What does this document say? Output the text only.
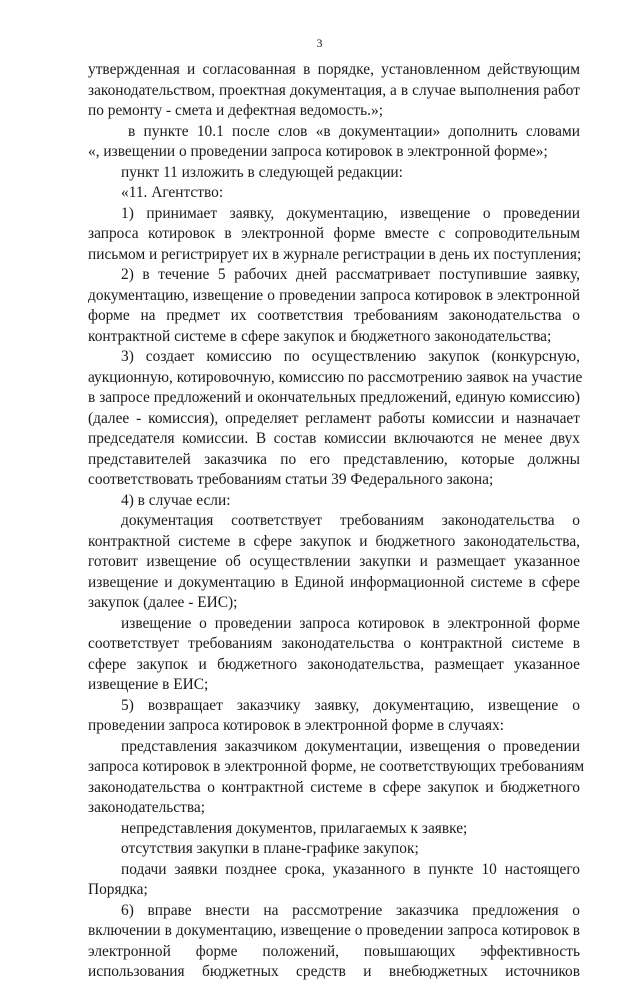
3
утвержденная и согласованная в порядке, установленном действующим
законодательством, проектная документация, а в случае выполнения работ
по ремонту - смета и дефектная ведомость.»;
в пункте 10.1 после слов «в документации» дополнить словами
«, извещении о проведении запроса котировок в электронной форме»;
пункт 11 изложить в следующей редакции:
«11. Агентство:
1) принимает заявку, документацию, извещение о проведении
запроса котировок в электронной форме вместе с сопроводительным
письмом и регистрирует их в журнале регистрации в день их поступления;
2) в течение 5 рабочих дней рассматривает поступившие заявку,
документацию, извещение о проведении запроса котировок в электронной
форме на предмет их соответствия требованиям законодательства о
контрактной системе в сфере закупок и бюджетного законодательства;
3) создает комиссию по осуществлению закупок (конкурсную,
аукционную, котировочную, комиссию по рассмотрению заявок на участие
в запросе предложений и окончательных предложений, единую комиссию)
(далее - комиссия), определяет регламент работы комиссии и назначает
председателя комиссии. В состав комиссии включаются не менее двух
представителей заказчика по его представлению, которые должны
соответствовать требованиям статьи 39 Федерального закона;
4) в случае если:
документация соответствует требованиям законодательства о
контрактной системе в сфере закупок и бюджетного законодательства,
готовит извещение об осуществлении закупки и размещает указанное
извещение и документацию в Единой информационной системе в сфере
закупок (далее - ЕИС);
извещение о проведении запроса котировок в электронной форме
соответствует требованиям законодательства о контрактной системе в
сфере закупок и бюджетного законодательства, размещает указанное
извещение в ЕИС;
5) возвращает заказчику заявку, документацию, извещение о
проведении запроса котировок в электронной форме в случаях:
представления заказчиком документации, извещения о проведении
запроса котировок в электронной форме, не соответствующих требованиям
законодательства о контрактной системе в сфере закупок и бюджетного
законодательства;
непредставления документов, прилагаемых к заявке;
отсутствия закупки в плане-графике закупок;
подачи заявки позднее срока, указанного в пункте 10 настоящего
Порядка;
6) вправе внести на рассмотрение заказчика предложения о
включении в документацию, извещение о проведении запроса котировок в
электронной форме положений, повышающих эффективность
использования бюджетных средств и внебюджетных источников
